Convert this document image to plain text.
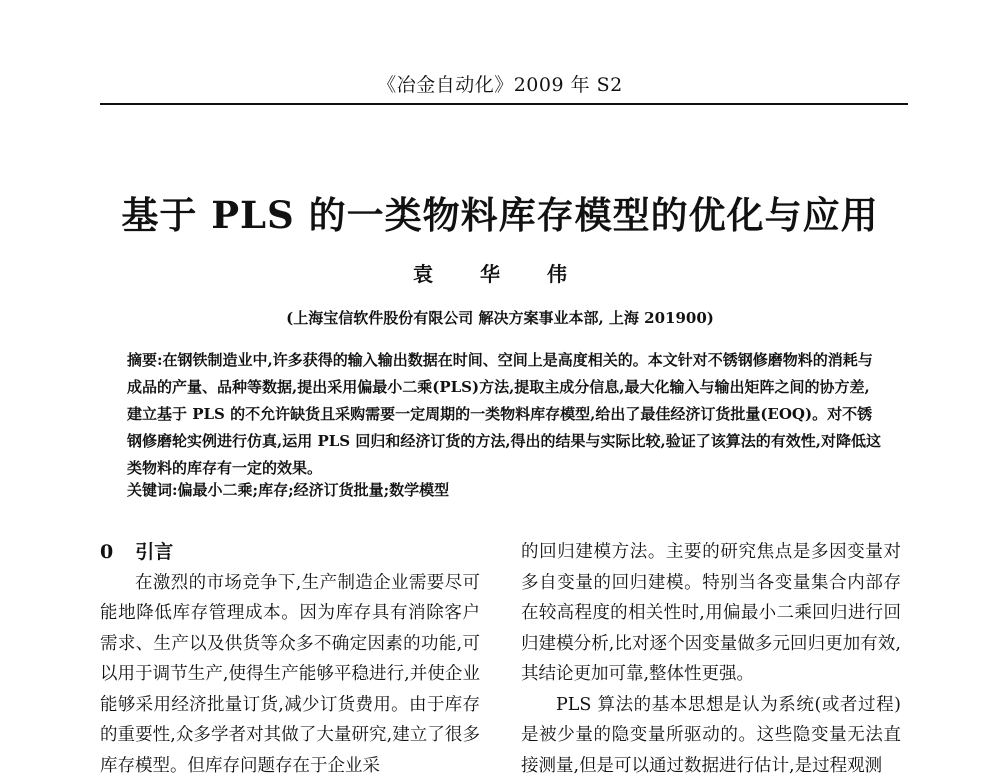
《冶金自动化》2009 年 S2
基于 PLS 的一类物料库存模型的优化与应用
袁 华 伟
(上海宝信软件股份有限公司 解决方案事业本部, 上海 201900)
摘要:在钢铁制造业中,许多获得的输入输出数据在时间、空间上是高度相关的。本文针对不锈钢修磨物料的消耗与成品的产量、品种等数据,提出采用偏最小二乘(PLS)方法,提取主成分信息,最大化输入与输出矩阵之间的协方差,建立基于 PLS 的不允许缺货且采购需要一定周期的一类物料库存模型,给出了最佳经济订货批量(EOQ)。对不锈钢修磨轮实例进行仿真,运用 PLS 回归和经济订货的方法,得出的结果与实际比较,验证了该算法的有效性,对降低这类物料的库存有一定的效果。
关键词:偏最小二乘;库存;经济订货批量;数学模型
0 引言

在激烈的市场竞争下,生产制造企业需要尽可能地降低库存管理成本。因为库存具有消除客户需求、生产以及供货等众多不确定因素的功能,可以用于调节生产,使得生产能够平稳进行,并使企业能够采用经济批量订货,减少订货费用。由于库存的重要性,众多学者对其做了大量研究,建立了很多库存模型。但库存问题存在于企业采

的回归建模方法。主要的研究焦点是多因变量对多自变量的回归建模。特别当各变量集合内部存在较高程度的相关性时,用偏最小二乘回归进行回归建模分析,比对逐个因变量做多元回归更加有效,其结论更加可靠,整体性更强。

PLS 算法的基本思想是认为系统(或者过程)是被少量的隐变量所驱动的。这些隐变量无法直接测量,但是可以通过数据进行估计,是过程观测
